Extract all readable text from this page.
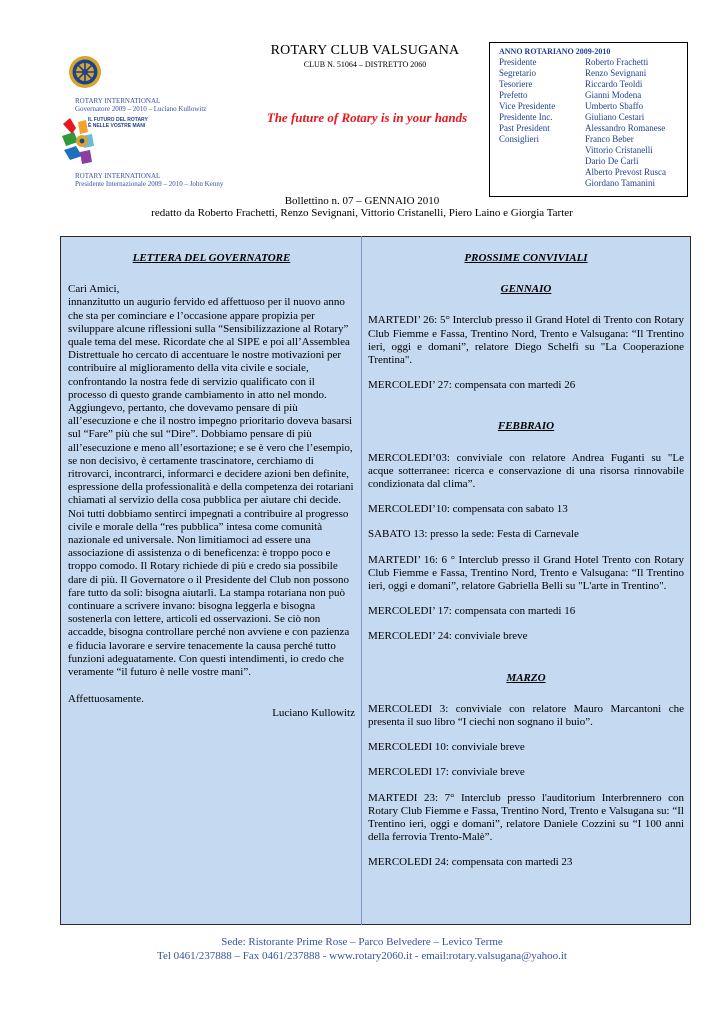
ROTARY INTERNATIONAL
Governatore 2009 – 2010 – Luciano Kullowitz
IL FUTURO DEL ROTARY
È NELLE VOSTRE MANI
ROTARY INTERNATIONAL
Presidente Internazionale 2009 – 2010 – John Kenny
ROTARY CLUB VALSUGANA
CLUB N. 51064 – DISTRETTO 2060
The future of Rotary is in your hands
ANNO ROTARIANO 2009-2010
Presidente	Roberto Frachetti
Segretario	Renzo Sevignani
Tesoriere	Riccardo Teoldi
Prefetto	Gianni Modena
Vice Presidente	Umberto Sbaffo
Presidente Inc.	Giuliano Cestari
Past President	Alessandro Romanese
Consiglieri	Franco Beber
Vittorio Cristanelli
Dario De Carli
Alberto Prevost Rusca
Giordano Tamanini
Bollettino n. 07 – GENNAIO 2010
redatto da Roberto Frachetti, Renzo Sevignani, Vittorio Cristanelli, Piero Laino e Giorgia Tarter
LETTERA DEL GOVERNATORE

Cari Amici,

innanzitutto un augurio fervido ed affettuoso per il nuovo anno che sta per cominciare e l’occasione appare propizia per sviluppare alcune riflessioni sulla “Sensibilizzazione al Rotary” quale tema del mese. Ricordate che al SIPE e poi all’Assemblea Distrettuale ho cercato di accentuare le nostre motivazioni per contribuire al miglioramento della vita civile e sociale, confrontando la nostra fede di servizio qualificato con il processo di questo grande cambiamento in atto nel mondo. Aggiungevo, pertanto, che dovevamo pensare di più all’esecuzione e che il nostro impegno prioritario doveva basarsi sul “Fare” più che sul “Dire”. Dobbiamo pensare di più all’esecuzione e meno all’esortazione; e se è vero che l’esempio, se non decisivo, è certamente trascinatore, cerchiamo di ritrovarci, incontrarci, informarci e decidere azioni ben definite, espressione della professionalità e della competenza dei rotariani chiamati al servizio della cosa pubblica per aiutare chi decide. Noi tutti dobbiamo sentirci impegnati a contribuire al progresso civile e morale della “res pubblica” intesa come comunità nazionale ed universale. Non limitiamoci ad essere una associazione di assistenza o di beneficenza: è troppo poco e troppo comodo. Il Rotary richiede di più e credo sia possibile dare di più. Il Governatore o il Presidente del Club non possono fare tutto da soli: bisogna aiutarli. La stampa rotariana non può continuare a scrivere invano: bisogna leggerla e bisogna sostenerla con lettere, articoli ed osservazioni. Se ciò non accadde, bisogna controllare perché non avviene e con pazienza e fiducia lavorare e servire tenacemente la causa perché tutto funzioni adeguatamente. Con questi intendimenti, io credo che veramente “il futuro è nelle vostre mani”.

Affettuosamente.

Luciano Kullowitz

PROSSIME CONVIVIALI
GENNAIO

MARTEDI’ 26: 5° Interclub presso il Grand Hotel di Trento con Rotary Club Fiemme e Fassa, Trentino Nord, Trento e Valsugana: “Il Trentino ieri, oggi e domani”, relatore Diego Schelfi su "La Cooperazione Trentina".

MERCOLEDI’ 27: compensata con martedi 26

FEBBRAIO

MERCOLEDI’03: conviviale con relatore Andrea Fuganti su "Le acque sotterranee: ricerca e conservazione di una risorsa rinnovabile condizionata dal clima”.

MERCOLEDI’10: compensata con sabato 13

SABATO 13: presso la sede: Festa di Carnevale

MARTEDI’ 16: 6 ° Interclub presso il Grand Hotel Trento con Rotary Club Fiemme e Fassa, Trentino Nord, Trento e Valsugana: “Il Trentino ieri, oggi e domani”, relatore Gabriella Belli su "L'arte in Trentino".

MERCOLEDI’ 17: compensata con martedi 16

MERCOLEDI’ 24: conviviale breve

MARZO

MERCOLEDI 3: conviviale con relatore Mauro Marcantoni che presenta il suo libro “I ciechi non sognano il buio”.

MERCOLEDI 10: conviviale breve

MERCOLEDI 17: conviviale breve

MARTEDI 23: 7° Interclub presso l'auditorium Interbrennero con Rotary Club Fiemme e Fassa, Trentino Nord, Trento e Valsugana su: “Il Trentino ieri, oggi e domani”, relatore Daniele Cozzini su “I 100 anni della ferrovia Trento-Malè”.

MERCOLEDI 24: compensata con martedi 23

Sede: Ristorante Prime Rose – Parco Belvedere – Levico Terme
Tel 0461/237888 – Fax 0461/237888 - www.rotary2060.it - email:rotary.valsugana@yahoo.it
